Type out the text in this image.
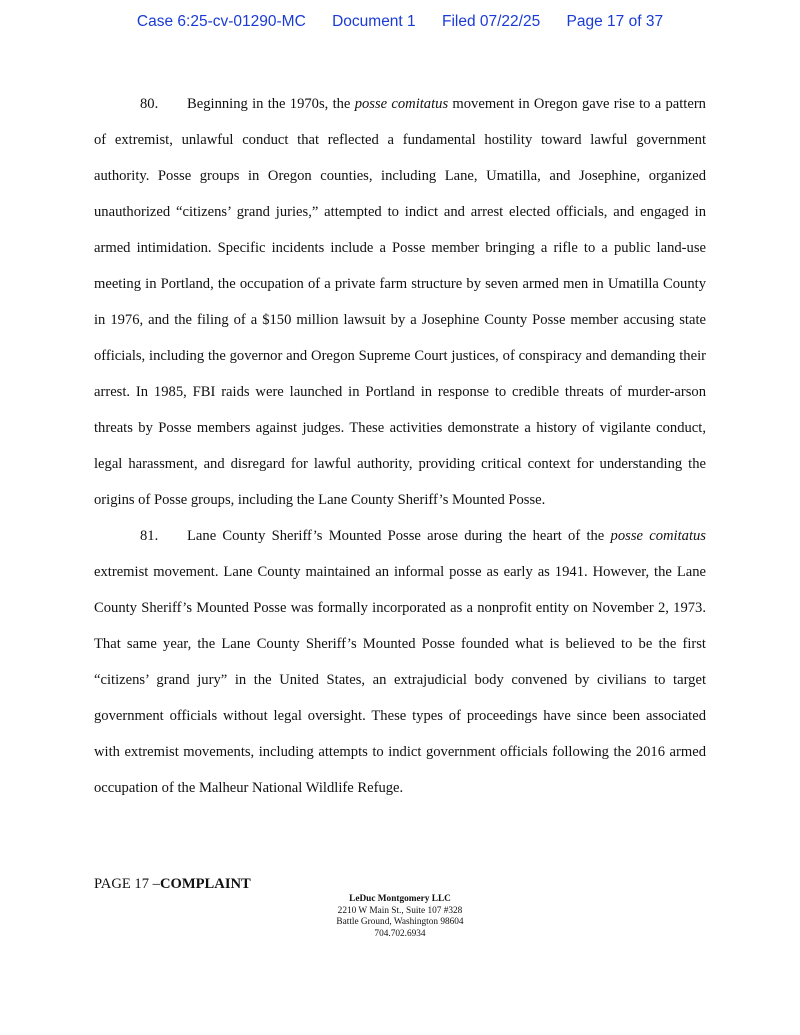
Case 6:25-cv-01290-MC Document 1 Filed 07/22/25 Page 17 of 37

80. Beginning in the 1970s, the posse comitatus movement in Oregon gave rise to a pattern of extremist, unlawful conduct that reflected a fundamental hostility toward lawful government authority. Posse groups in Oregon counties, including Lane, Umatilla, and Josephine, organized unauthorized “citizens’ grand juries,” attempted to indict and arrest elected officials, and engaged in armed intimidation. Specific incidents include a Posse member bringing a rifle to a public land-use meeting in Portland, the occupation of a private farm structure by seven armed men in Umatilla County in 1976, and the filing of a $150 million lawsuit by a Josephine County Posse member accusing state officials, including the governor and Oregon Supreme Court justices, of conspiracy and demanding their arrest. In 1985, FBI raids were launched in Portland in response to credible threats of murder-arson threats by Posse members against judges. These activities demonstrate a history of vigilante conduct, legal harassment, and disregard for lawful authority, providing critical context for understanding the origins of Posse groups, including the Lane County Sheriff’s Mounted Posse.

81. Lane County Sheriff’s Mounted Posse arose during the heart of the posse comitatus extremist movement. Lane County maintained an informal posse as early as 1941. However, the Lane County Sheriff’s Mounted Posse was formally incorporated as a nonprofit entity on November 2, 1973. That same year, the Lane County Sheriff’s Mounted Posse founded what is believed to be the first “citizens’ grand jury” in the United States, an extrajudicial body convened by civilians to target government officials without legal oversight. These types of proceedings have since been associated with extremist movements, including attempts to indict government officials following the 2016 armed occupation of the Malheur National Wildlife Refuge.

PAGE 17 –COMPLAINT
LeDuc Montgomery LLC
2210 W Main St., Suite 107 #328
Battle Ground, Washington 98604
704.702.6934
